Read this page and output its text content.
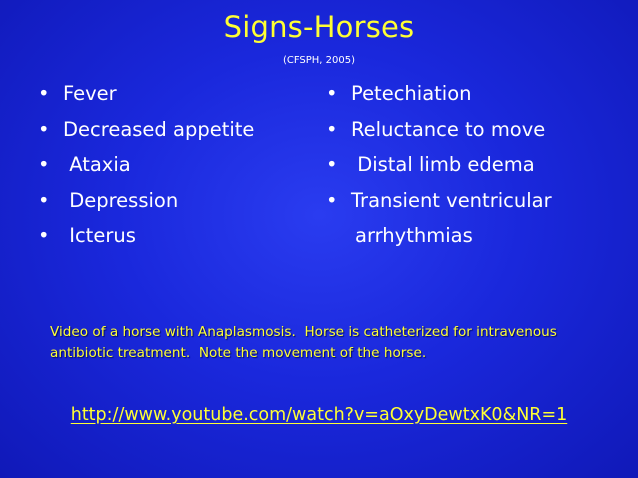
Signs-Horses
(CFSPH, 2005)
• Fever
• Decreased appetite
• Ataxia
• Depression
• Icterus
• Petechiation
• Reluctance to move
• Distal limb edema
• Transient ventricular
arrhythmias
Video of a horse with Anaplasmosis.  Horse is catheterized for intravenous antibiotic treatment.  Note the movement of the horse.
http://www.youtube.com/watch?v=aOxyDewtxK0&NR=1
